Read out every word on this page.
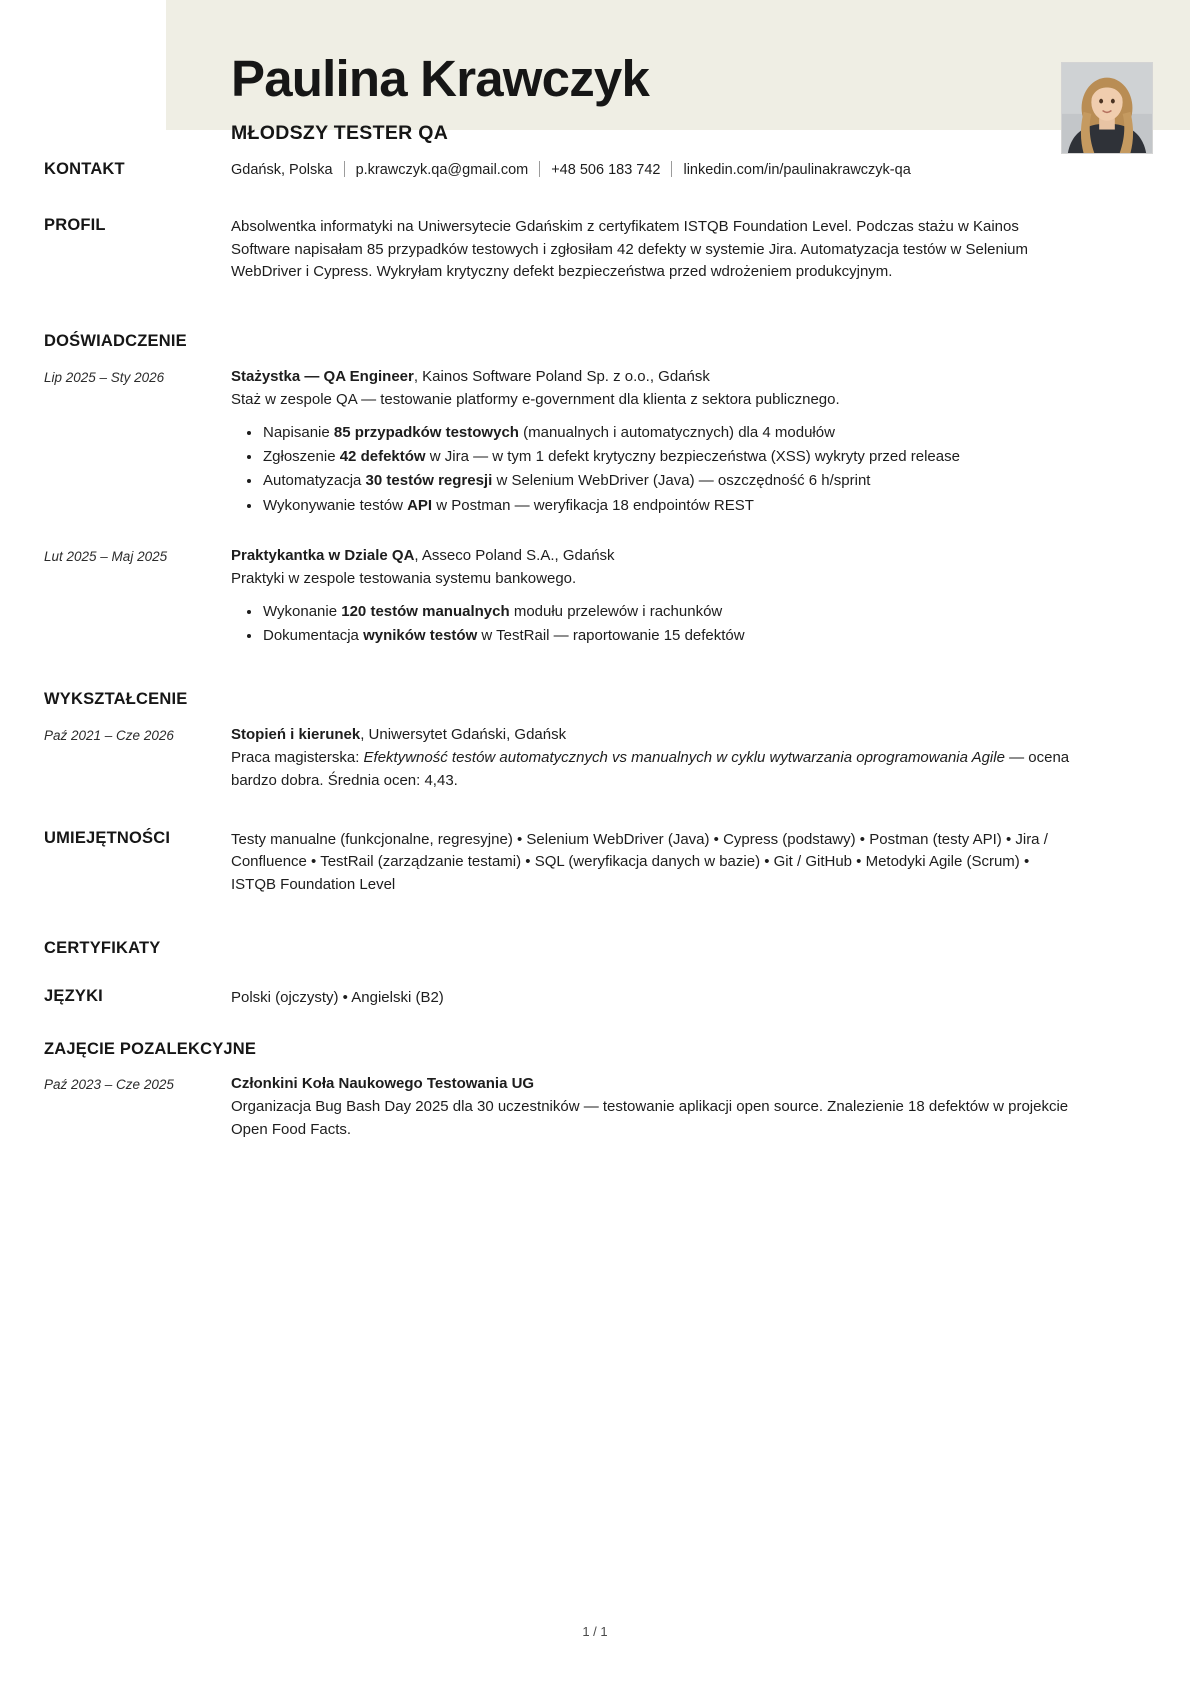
Paulina Krawczyk
MŁODSZY TESTER QA
KONTAKT	Gdańsk, Polska p.krawczyk.qa@gmail.com +48 506 183 742 linkedin.com/in/paulinakrawczyk-qa
PROFIL	Absolwentka informatyki na Uniwersytecie Gdańskim z certyfikatem ISTQB Foundation Level. Podczas stażu w Kainos Software napisałam 85 przypadków testowych i zgłosiłam 42 defekty w systemie Jira. Automatyzacja testów w Selenium WebDriver i Cypress. Wykryłam krytyczny defekt bezpieczeństwa przed wdrożeniem produkcyjnym.
DOŚWIADCZENIE
Lip 2025 – Sty 2026	Stażystka — QA Engineer, Kainos Software Poland Sp. z o.o., Gdańsk
Staż w zespole QA — testowanie platformy e-government dla klienta z sektora publicznego.
Napisanie 85 przypadków testowych (manualnych i automatycznych) dla 4 modułów
Zgłoszenie 42 defektów w Jira — w tym 1 defekt krytyczny bezpieczeństwa (XSS) wykryty przed release
Automatyzacja 30 testów regresji w Selenium WebDriver (Java) — oszczędność 6 h/sprint
Wykonywanie testów API w Postman — weryfikacja 18 endpointów REST
Lut 2025 – Maj 2025	Praktykantka w Dziale QA, Asseco Poland S.A., Gdańsk
Praktyki w zespole testowania systemu bankowego.
Wykonanie 120 testów manualnych modułu przelewów i rachunków
Dokumentacja wyników testów w TestRail — raportowanie 15 defektów
WYKSZTAŁCENIE
Paź 2021 – Cze 2026	Stopień i kierunek, Uniwersytet Gdański, Gdańsk
Praca magisterska: Efektywność testów automatycznych vs manualnych w cyklu wytwarzania oprogramowania Agile — ocena bardzo dobra. Średnia ocen: 4,43.
UMIEJĘTNOŚCI	Testy manualne (funkcjonalne, regresyjne) • Selenium WebDriver (Java) • Cypress (podstawy) • Postman (testy API) • Jira / Confluence • TestRail (zarządzanie testami) • SQL (weryfikacja danych w bazie) • Git / GitHub • Metodyki Agile (Scrum) • ISTQB Foundation Level
CERTYFIKATY
JĘZYKI	Polski (ojczysty) • Angielski (B2)
ZAJĘCIE POZALEKCYJNE
Paź 2023 – Cze 2025	Członkini Koła Naukowego Testowania UG
Organizacja Bug Bash Day 2025 dla 30 uczestników — testowanie aplikacji open source. Znalezienie 18 defektów w projekcie Open Food Facts.
1 / 1
